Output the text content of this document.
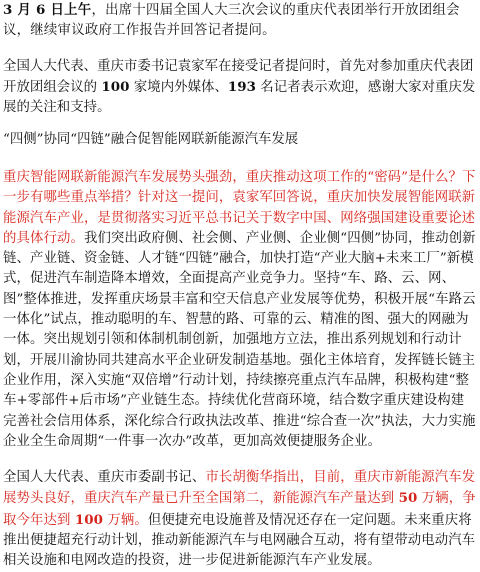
3 月 6 日上午，出席十四届全国人大三次会议的重庆代表团举行开放团组会议，继续审议政府工作报告并回答记者提问。

全国人大代表、重庆市委书记袁家军在接受记者提问时，首先对参加重庆代表团开放团组会议的 100 家境内外媒体、193 名记者表示欢迎，感谢大家对重庆发展的关注和支持。

“四侧”协同“四链”融合促智能网联新能源汽车发展

重庆智能网联新能源汽车发展势头强劲，重庆推动这项工作的“密码”是什么？下一步有哪些重点举措？针对这一提问，袁家军回答说，重庆加快发展智能网联新能源汽车产业，是贯彻落实习近平总书记关于数字中国、网络强国建设重要论述的具体行动。我们突出政府侧、社会侧、产业侧、企业侧“四侧”协同，推动创新链、产业链、资金链、人才链“四链”融合，加快打造“产业大脑+未来工厂”新模式，促进汽车制造降本增效，全面提高产业竞争力。坚持“车、路、云、网、图”整体推进，发挥重庆场景丰富和空天信息产业发展等优势，积极开展“车路云一体化”试点，推动聪明的车、智慧的路、可靠的云、精准的图、强大的网融为一体。突出规划引领和体制机制创新，加强地方立法，推出系列规划和行动计划，开展川渝协同共建高水平企业研发制造基地。强化主体培育，发挥链长链主企业作用，深入实施“双倍增”行动计划，持续擦亮重点汽车品牌，积极构建“整车+零部件+后市场”产业链生态。持续优化营商环境，结合数字重庆建设构建完善社会信用体系，深化综合行政执法改革、推进“综合查一次”执法，大力实施企业全生命周期“一件事一次办”改革，更加高效便捷服务企业。

全国人大代表、重庆市委副书记、市长胡衡华指出，目前，重庆市新能源汽车发展势头良好，重庆汽车产量已升至全国第二，新能源汽车产量达到 50 万辆，争取今年达到 100 万辆。但便捷充电设施普及情况还存在一定问题。未来重庆将推出便捷超充行动计划，推动新能源汽车与电网融合互动，将有望带动电动汽车相关设施和电网改造的投资，进一步促进新能源汽车产业发展。
